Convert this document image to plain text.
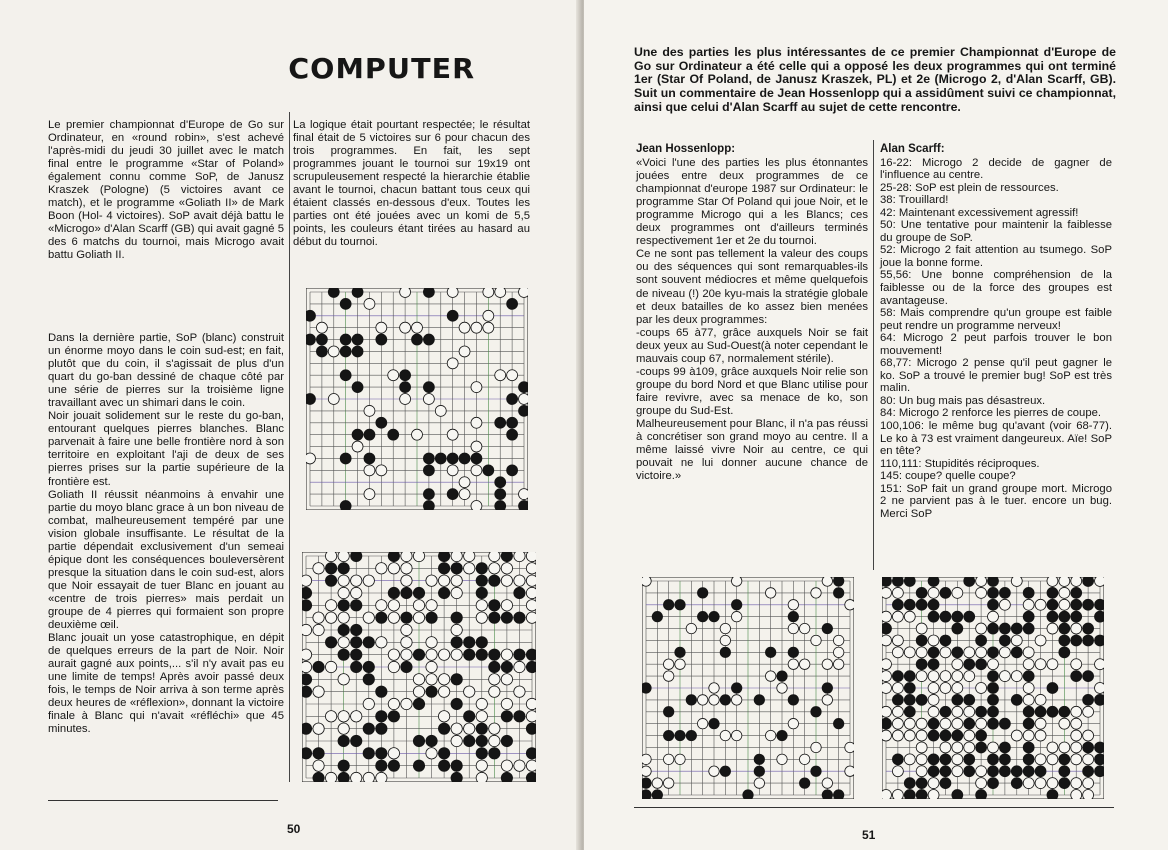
COMPUTER

Le premier championnat d'Europe de Go sur Ordinateur, en «round robin», s'est achevé l'après-midi du jeudi 30 juillet avec le match final entre le programme «Star of Poland» également connu comme SoP, de Janusz Kraszek (Pologne) (5 victoires avant ce match), et le programme «Goliath II» de Mark Boon (Hol- 4 victoires). SoP avait déjà battu le «Microgo» d'Alan Scarff (GB) qui avait gagné 5 des 6 matchs du tournoi, mais Microgo avait battu Goliath II.

Dans la dernière partie, SoP (blanc) construit un énorme moyo dans le coin sud-est; en fait, plutôt que du coin, il s'agissait de plus d'un quart du go-ban dessiné de chaque côté par une série de pierres sur la troisième ligne travaillant avec un shimari dans le coin.

Noir jouait solidement sur le reste du go-ban, entourant quelques pierres blanches. Blanc parvenait à faire une belle frontière nord à son territoire en exploitant l'aji de deux de ses pierres prises sur la partie supérieure de la frontière est.

Goliath II réussit néanmoins à envahir une partie du moyo blanc grace à un bon niveau de combat, malheureusement tempéré par une vision globale insuffisante. Le résultat de la partie dépendait exclusivement d'un semeai épique dont les conséquences bouleversèrent presque la situation dans le coin sud-est, alors que Noir essayait de tuer Blanc en jouant au «centre de trois pierres» mais perdait un groupe de 4 pierres qui formaient son propre deuxième œil.

Blanc jouait un yose catastrophique, en dépit de quelques erreurs de la part de Noir. Noir aurait gagné aux points,... s'il n'y avait pas eu une limite de temps! Après avoir passé deux fois, le temps de Noir arriva à son terme après deux heures de «réflexion», donnant la victoire finale à Blanc qui n'avait «réfléchi» que 45 minutes.

La logique était pourtant respectée; le résultat final était de 5 victoires sur 6 pour chacun des trois programmes. En fait, les sept programmes jouant le tournoi sur 19x19 ont scrupuleusement respecté la hierarchie établie avant le tournoi, chacun battant tous ceux qui étaient classés en-dessous d'eux. Toutes les parties ont été jouées avec un komi de 5,5 points, les couleurs étant tirées au hasard au début du tournoi.

50
Une des parties les plus intéressantes de ce premier Championnat d'Europe de Go sur Ordinateur a été celle qui a opposé les deux programmes qui ont terminé 1er (Star Of Poland, de Janusz Kraszek, PL) et 2e (Microgo 2, d'Alan Scarff, GB). Suit un commentaire de Jean Hossenlopp qui a assidûment suivi ce championnat, ainsi que celui d'Alan Scarff au sujet de cette rencontre.
Jean Hossenlopp:

«Voici l'une des parties les plus étonnantes jouées entre deux programmes de ce championnat d'europe 1987 sur Ordinateur: le programme Star Of Poland qui joue Noir, et le programme Microgo qui a les Blancs; ces deux programmes ont d'ailleurs terminés respectivement 1er et 2e du tournoi.

Ce ne sont pas tellement la valeur des coups ou des séquences qui sont remarquables-ils sont souvent médiocres et même quelquefois de niveau (!) 20e kyu-mais la stratégie globale et deux batailles de ko assez bien menées par les deux programmes:

-coups 65 à77, grâce auxquels Noir se fait deux yeux au Sud-Ouest(à noter cependant le mauvais coup 67, normalement stérile).

-coups 99 à109, grâce auxquels Noir relie son groupe du bord Nord et que Blanc utilise pour faire revivre, avec sa menace de ko, son groupe du Sud-Est.

Malheureusement pour Blanc, il n'a pas réussi à concrétiser son grand moyo au centre. Il a même laissé vivre Noir au centre, ce qui pouvait ne lui donner aucune chance de victoire.»

Alan Scarff:

16-22: Microgo 2 decide de gagner de l'influence au centre.

25-28: SoP est plein de ressources.

38: Trouillard!

42: Maintenant excessivement agressif!

50: Une tentative pour maintenir la faiblesse du groupe de SoP.

52: Microgo 2 fait attention au tsumego. SoP joue la bonne forme.

55,56: Une bonne compréhension de la faiblesse ou de la force des groupes est avantageuse.

58: Mais comprendre qu'un groupe est faible peut rendre un programme nerveux!

64: Microgo 2 peut parfois trouver le bon mouvement!

68,77: Microgo 2 pense qu'il peut gagner le ko. SoP a trouvé le premier bug! SoP est très malin.

80: Un bug mais pas désastreux.

84: Microgo 2 renforce les pierres de coupe.

100,106: le même bug qu'avant (voir 68-77). Le ko à 73 est vraiment dangeureux. Aïe! SoP en tête?

110,111: Stupidités réciproques.

145: coupe? quelle coupe?

151: SoP fait un grand groupe mort. Microgo 2 ne parvient pas à le tuer. encore un bug. Merci SoP

51
